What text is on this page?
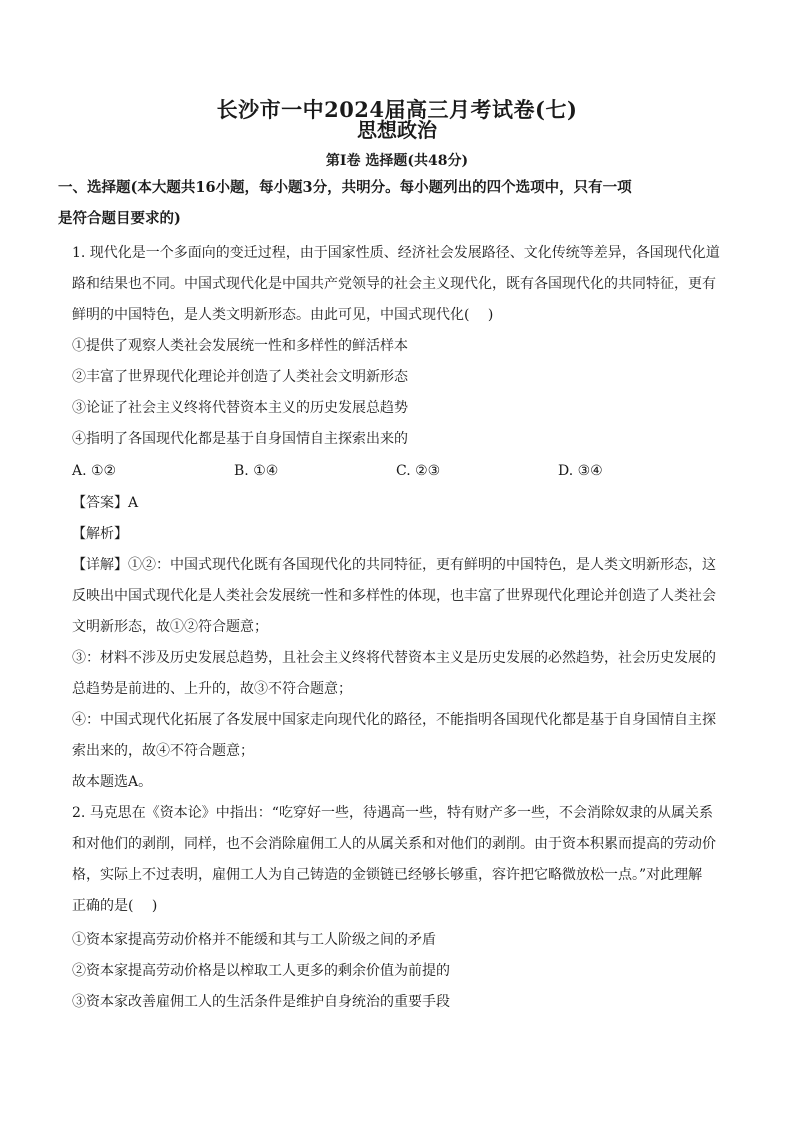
长沙市一中2024届高三月考试卷(七)
思想政治
第Ⅰ卷 选择题(共48分)
一、选择题(本大题共16小题，每小题3分，共明分。每小题列出的四个选项中，只有一项
是符合题目要求的)
1. 现代化是一个多面向的变迁过程，由于国家性质、经济社会发展路径、文化传统等差异，各国现代化道
路和结果也不同。中国式现代化是中国共产党领导的社会主义现代化，既有各国现代化的共同特征，更有
鲜明的中国特色，是人类文明新形态。由此可见，中国式现代化(　 )
①提供了观察人类社会发展统一性和多样性的鲜活样本
②丰富了世界现代化理论并创造了人类社会文明新形态
③论证了社会主义终将代替资本主义的历史发展总趋势
④指明了各国现代化都是基于自身国情自主探索出来的
A. ①②	B. ①④	C. ②③	D. ③④
【答案】A
【解析】
【详解】①②：中国式现代化既有各国现代化的共同特征，更有鲜明的中国特色，是人类文明新形态，这
反映出中国式现代化是人类社会发展统一性和多样性的体现，也丰富了世界现代化理论并创造了人类社会
文明新形态，故①②符合题意；
③：材料不涉及历史发展总趋势，且社会主义终将代替资本主义是历史发展的必然趋势，社会历史发展的
总趋势是前进的、上升的，故③不符合题意；
④：中国式现代化拓展了各发展中国家走向现代化的路径，不能指明各国现代化都是基于自身国情自主探
索出来的，故④不符合题意；
故本题选A。
2. 马克思在《资本论》中指出：“吃穿好一些，待遇高一些，特有财产多一些，不会消除奴隶的从属关系
和对他们的剥削，同样，也不会消除雇佣工人的从属关系和对他们的剥削。由于资本积累而提高的劳动价
格，实际上不过表明，雇佣工人为自己铸造的金锁链已经够长够重，容许把它略微放松一点。”对此理解
正确的是(　 )
①资本家提高劳动价格并不能缓和其与工人阶级之间的矛盾
②资本家提高劳动价格是以榨取工人更多的剩余价值为前提的
③资本家改善雇佣工人的生活条件是维护自身统治的重要手段
